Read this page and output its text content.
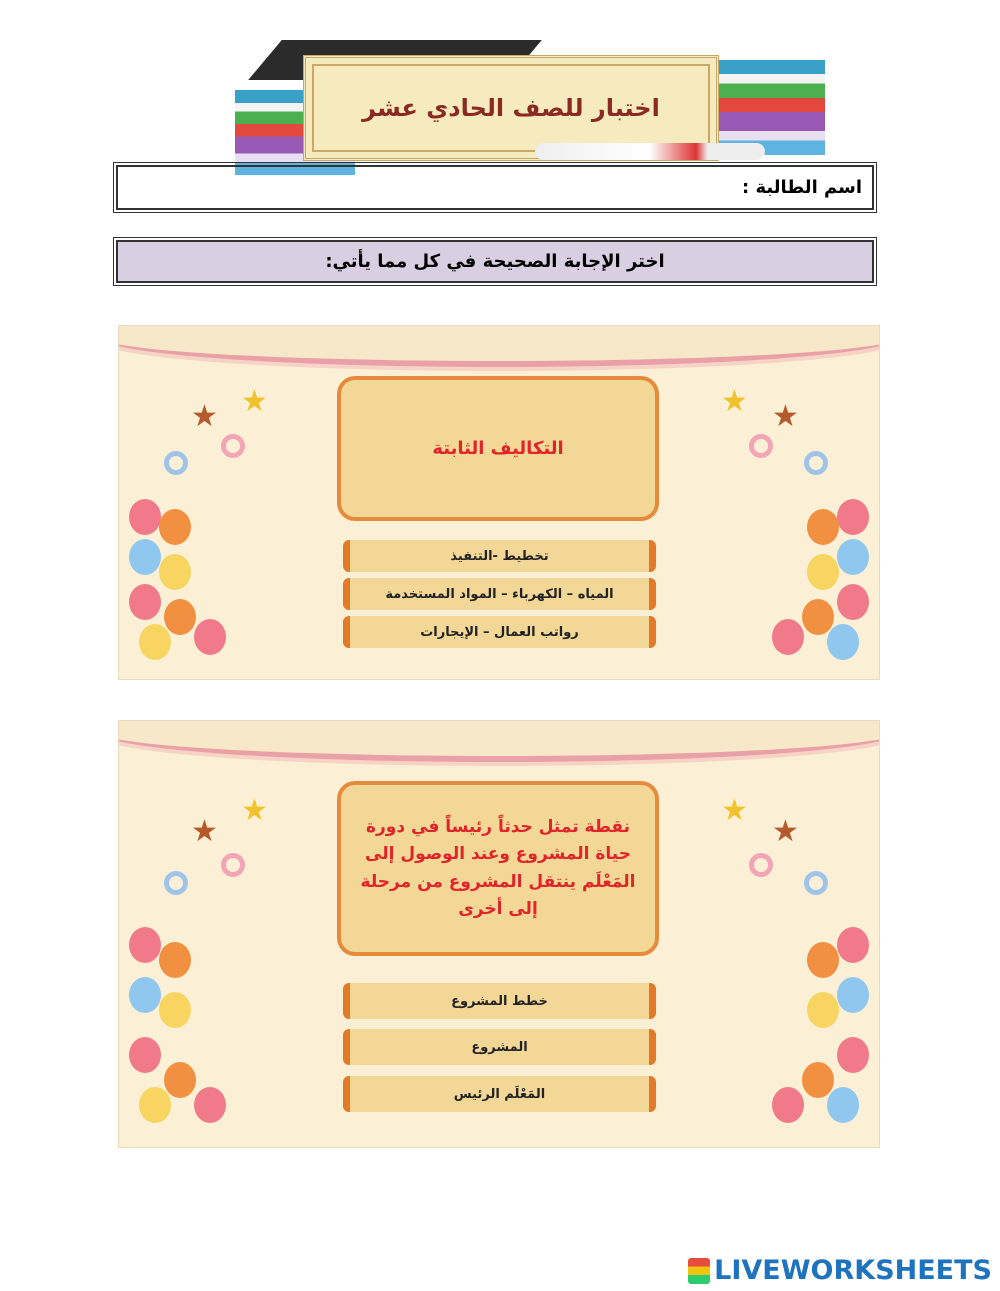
اختبار للصف الحادي عشر
اسم الطالبة :
اختر الإجابة الصحيحة في كل مما يأتي:
★ ★	★ ★
التكاليف الثابتة
تخطيط -التنفيذ
المياه – الكهرباء – المواد المستخدمة
رواتب العمال – الإيجارات
★
★	★
★
نقطة تمثل حدثاً رئيساً في دورة حياة المشروع وعند الوصول إلى المَعْلَم ينتقل المشروع من مرحلة إلى أخرى
خطط المشروع
المشروع
المَعْلَم الرئيس
LIVEWORKSHEETS
